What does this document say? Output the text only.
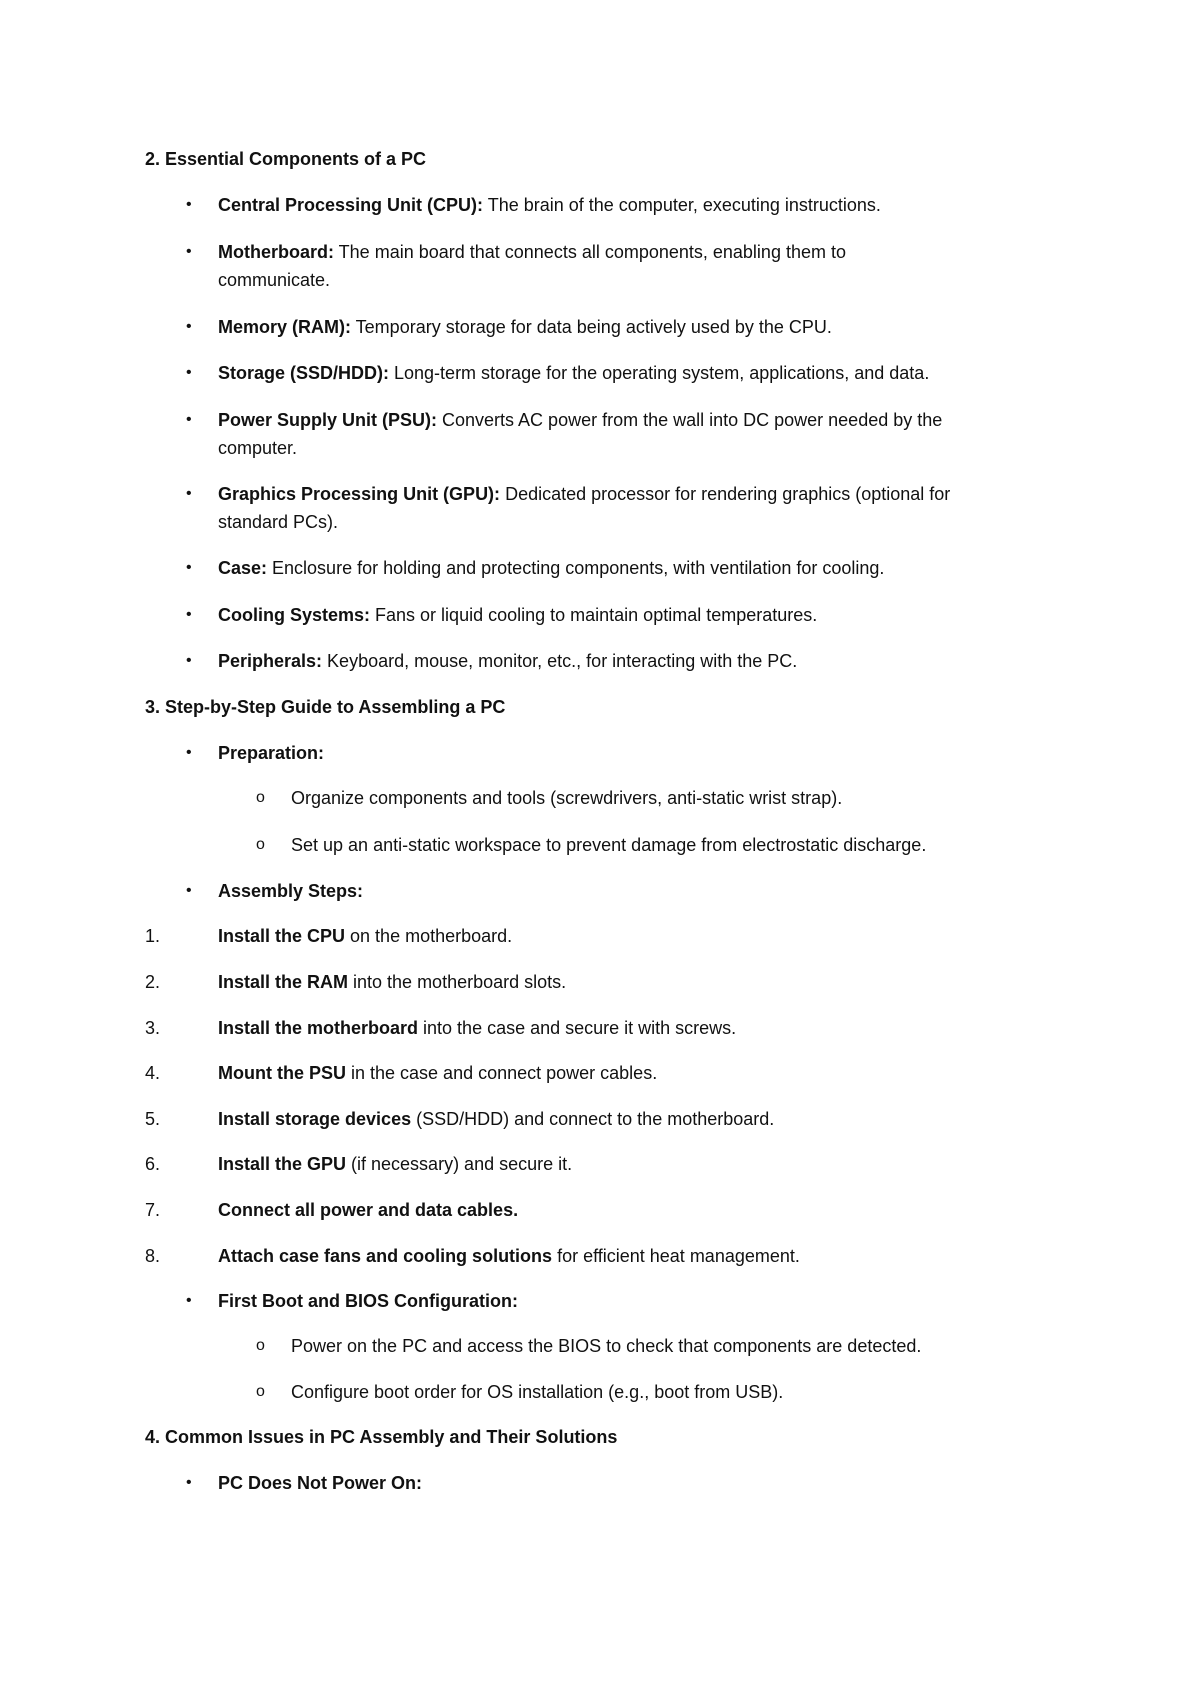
2. Essential Components of a PC
• Central Processing Unit (CPU): The brain of the computer, executing instructions.
• Motherboard: The main board that connects all components, enabling them to
communicate.
• Memory (RAM): Temporary storage for data being actively used by the CPU.
• Storage (SSD/HDD): Long-term storage for the operating system, applications, and data.
• Power Supply Unit (PSU): Converts AC power from the wall into DC power needed by the
computer.
• Graphics Processing Unit (GPU): Dedicated processor for rendering graphics (optional for
standard PCs).
• Case: Enclosure for holding and protecting components, with ventilation for cooling.
• Cooling Systems: Fans or liquid cooling to maintain optimal temperatures.
• Peripherals: Keyboard, mouse, monitor, etc., for interacting with the PC.
3. Step-by-Step Guide to Assembling a PC
• Preparation:
o Organize components and tools (screwdrivers, anti-static wrist strap).
o Set up an anti-static workspace to prevent damage from electrostatic discharge.
• Assembly Steps:
1.	Install the CPU on the motherboard.
2.	Install the RAM into the motherboard slots.
3.	Install the motherboard into the case and secure it with screws.
4.	Mount the PSU in the case and connect power cables.
5.	Install storage devices (SSD/HDD) and connect to the motherboard.
6.	Install the GPU (if necessary) and secure it.
7.	Connect all power and data cables.
8.	Attach case fans and cooling solutions for efficient heat management.
• First Boot and BIOS Configuration:
o Power on the PC and access the BIOS to check that components are detected.
o Configure boot order for OS installation (e.g., boot from USB).
4. Common Issues in PC Assembly and Their Solutions
• PC Does Not Power On:
